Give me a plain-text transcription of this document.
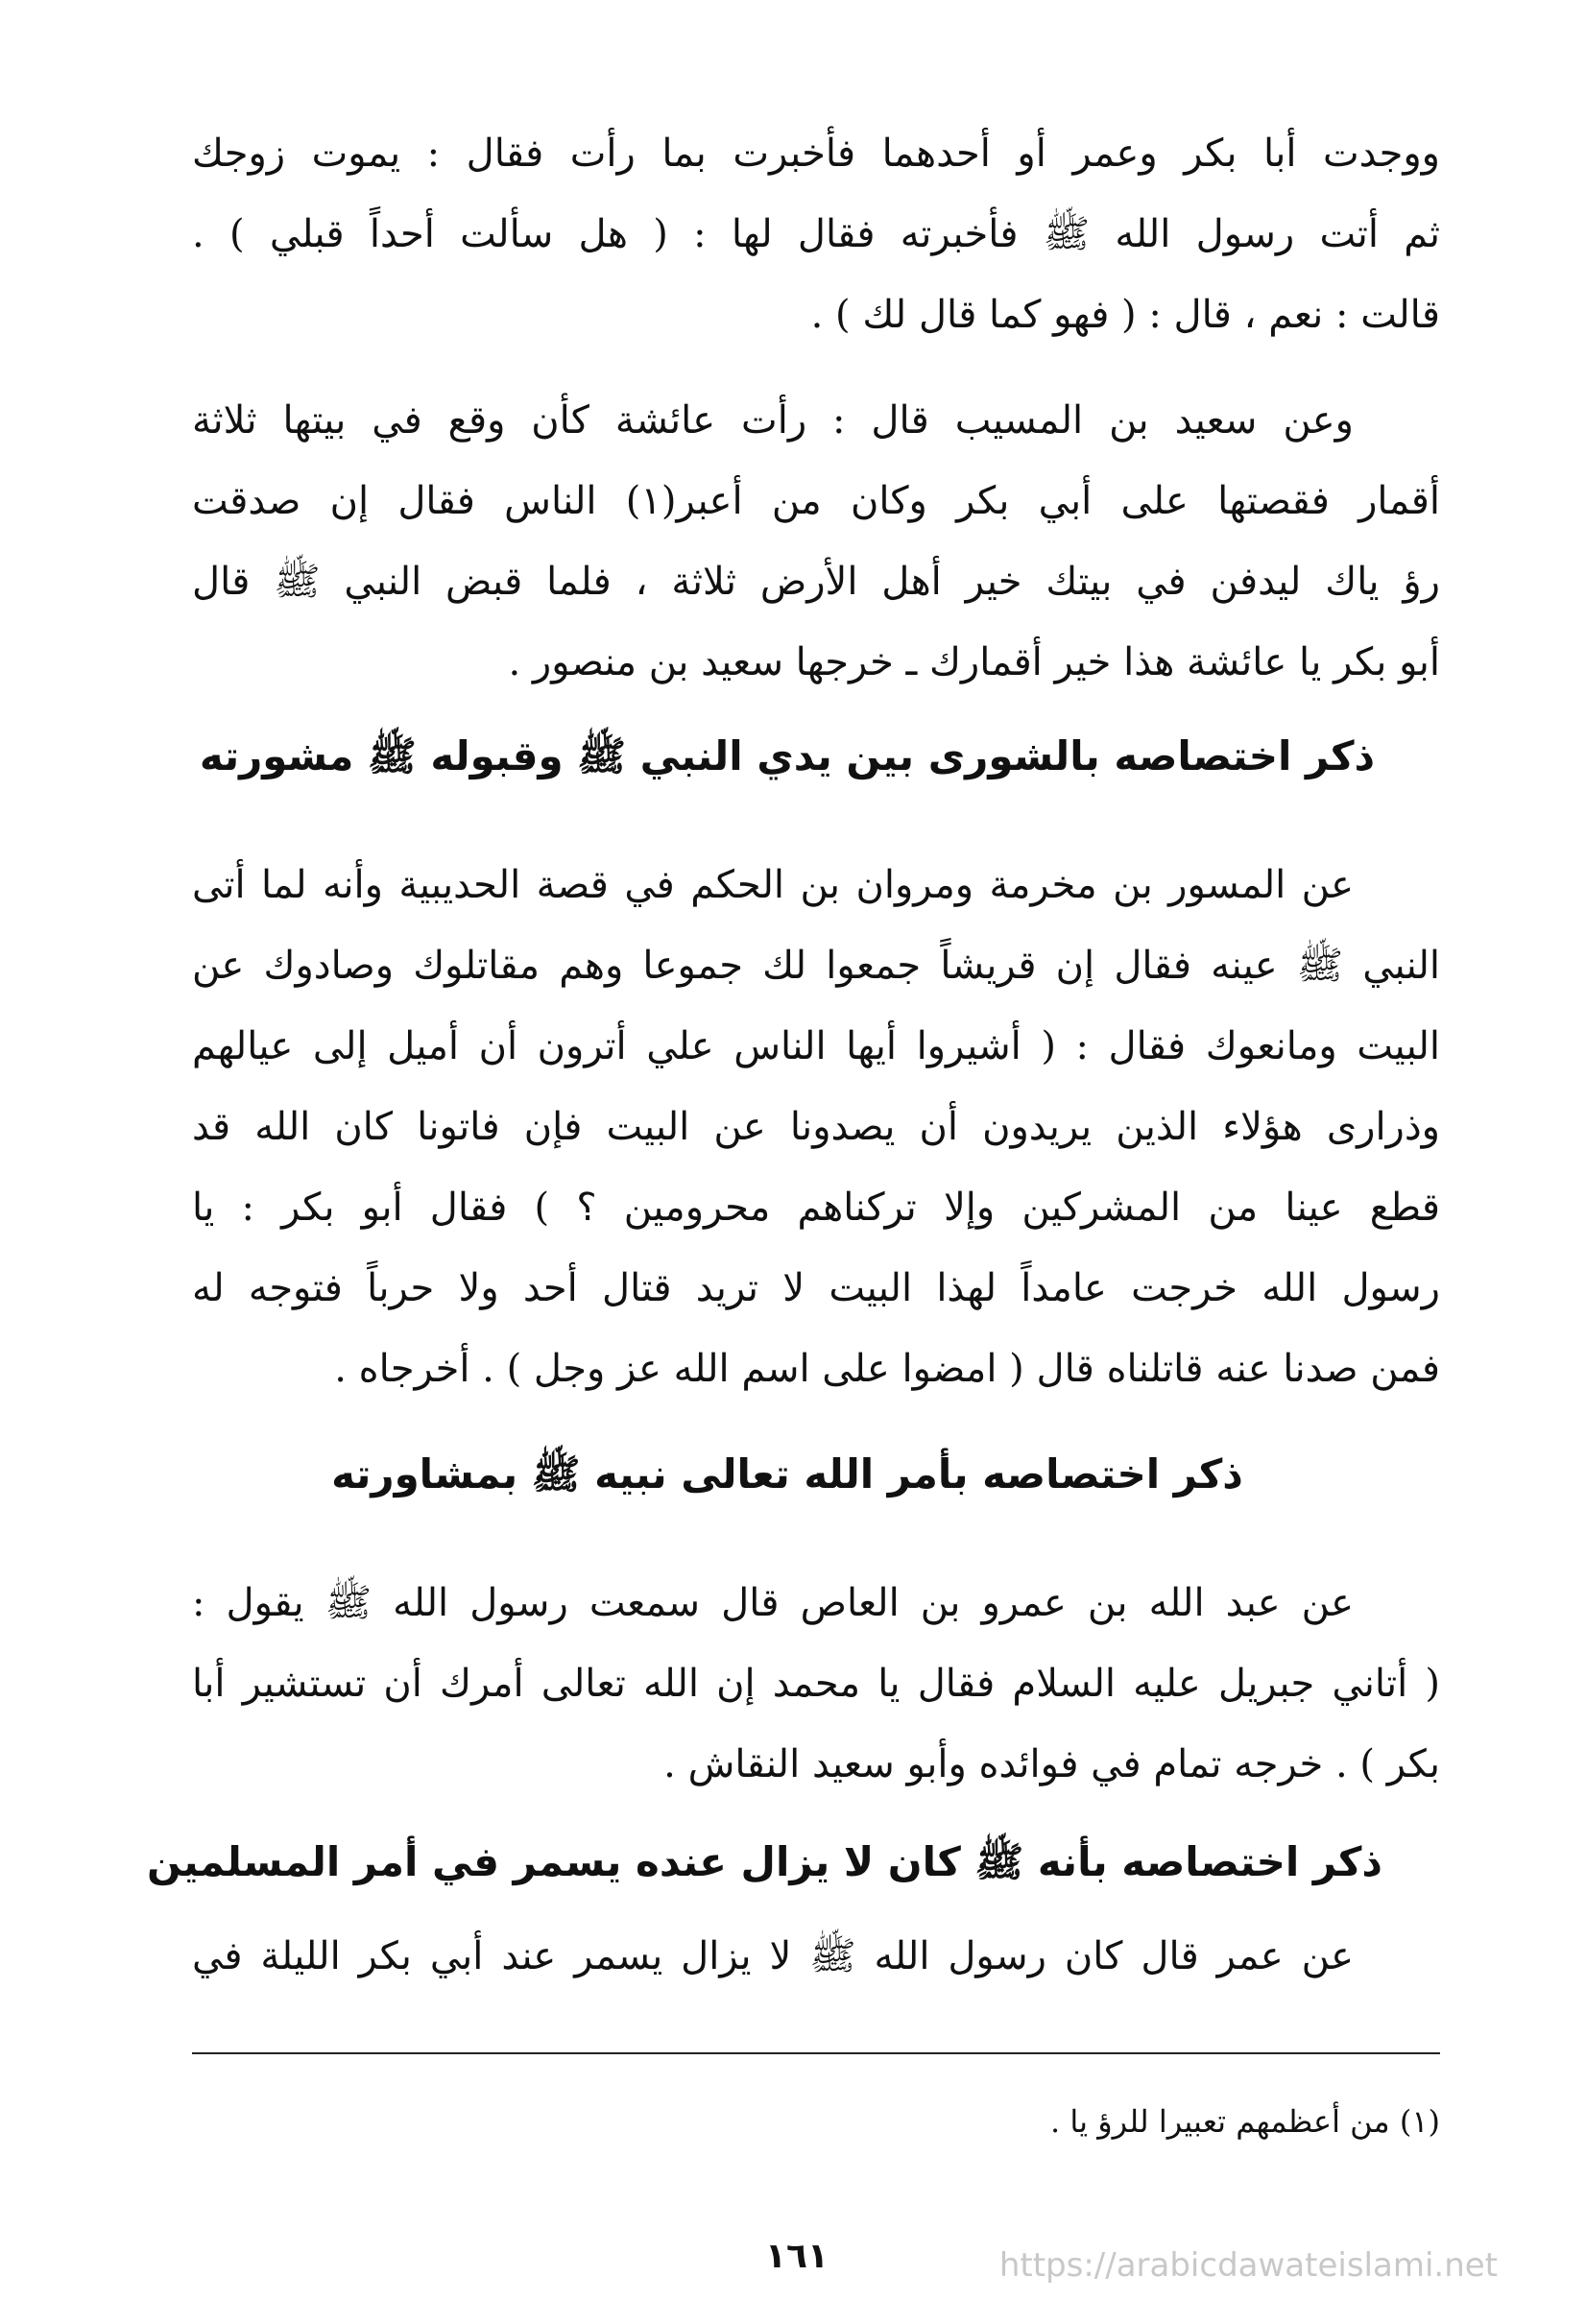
ووجدت أبا بكر وعمر أو أحدهما فأخبرت بما رأت فقال : يموت زوجك
ثم أتت رسول الله ﷺ فأخبرته فقال لها : ( هل سألت أحداً قبلي ) .
قالت : نعم ، قال : ( فهو كما قال لك ) .
وعن سعيد بن المسيب قال : رأت عائشة كأن وقع في بيتها ثلاثة
أقمار فقصتها على أبي بكر وكان من أعبر(١) الناس فقال إن صدقت
رؤ ياك ليدفن في بيتك خير أهل الأرض ثلاثة ، فلما قبض النبي ﷺ قال
أبو بكر يا عائشة هذا خير أقمارك ـ خرجها سعيد بن منصور .
ذكر اختصاصه بالشورى بين يدي النبي ﷺ وقبوله ﷺ مشورته
عن المسور بن مخرمة ومروان بن الحكم في قصة الحديبية وأنه لما أتى
النبي ﷺ عينه فقال إن قريشاً جمعوا لك جموعا وهم مقاتلوك وصادوك عن
البيت ومانعوك فقال : ( أشيروا أيها الناس علي أترون أن أميل إلى عيالهم
وذرارى هؤلاء الذين يريدون أن يصدونا عن البيت فإن فاتونا كان الله قد
قطع عينا من المشركين وإلا تركناهم محرومين ؟ ) فقال أبو بكر : يا
رسول الله خرجت عامداً لهذا البيت لا تريد قتال أحد ولا حرباً فتوجه له
فمن صدنا عنه قاتلناه قال ( امضوا على اسم الله عز وجل ) . أخرجاه .
ذكر اختصاصه بأمر الله تعالى نبيه ﷺ بمشاورته
عن عبد الله بن عمرو بن العاص قال سمعت رسول الله ﷺ يقول :
( أتاني جبريل عليه السلام فقال يا محمد إن الله تعالى أمرك أن تستشير أبا
بكر ) . خرجه تمام في فوائده وأبو سعيد النقاش .
ذكر اختصاصه بأنه ﷺ كان لا يزال عنده يسمر في أمر المسلمين
عن عمر قال كان رسول الله ﷺ لا يزال يسمر عند أبي بكر الليلة في
(١) من أعظمهم تعبيرا للرؤ يا .
١٦١	https://arabicdawateislami.net
